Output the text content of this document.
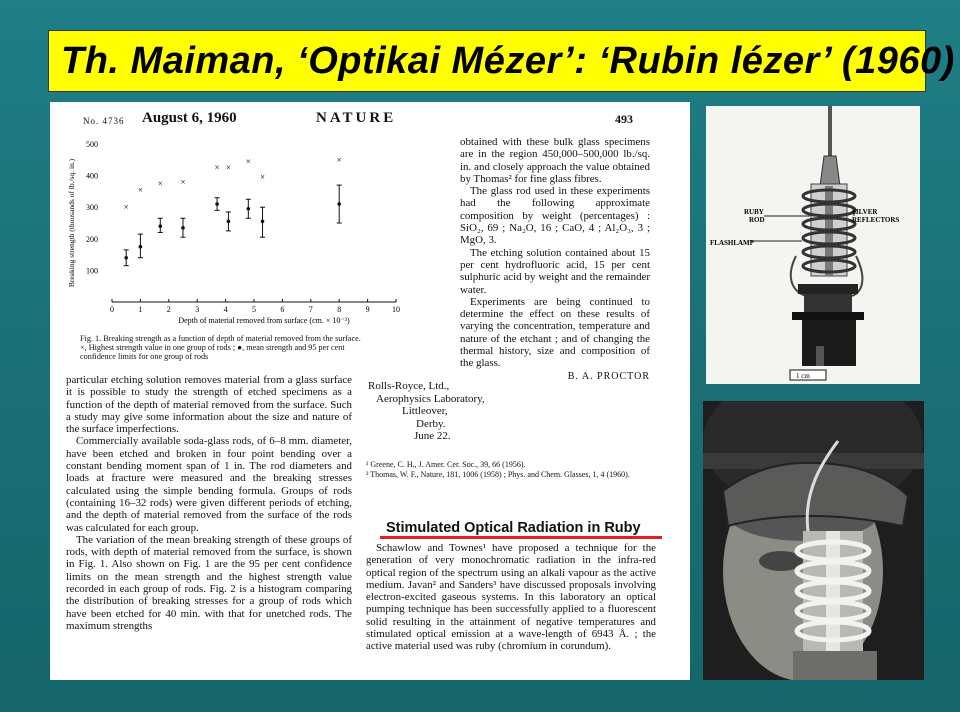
Th. Maiman, ‘Optikai Mézer’: ‘Rubin lézer’ (1960)
No. 4736 August 6, 1960	NATURE	493
0	1	2	3	4	5	6	7	8	9	10
100
200
300
400
500
Depth of material removed from surface (cm. × 10⁻³)
Breaking strength (thousands of lb./sq. in.)	×
×
× ×
× ×
×
×
×
Fig. 1. Breaking strength as a function of depth of material removed from the surface.
×, Highest strength value in one group of rods ; ●, mean strength and 95 per cent confidence limits for one group of rods

particular etching solution removes material from a glass surface it is possible to study the strength of etched specimens as a function of the depth of material removed from the surface. Such a study may give some information about the size and nature of the surface imperfections.

Commercially available soda-glass rods, of 6–8 mm. diameter, have been etched and broken in four point bending over a constant bending moment span of 1 in. The rod diameters and loads at fracture were measured and the breaking stresses calculated using the simple bending formula. Groups of rods (containing 16–32 rods) were given different periods of etching, and the depth of material removed from the surface of the rods was calculated for each group.

The variation of the mean breaking strength of these groups of rods, with depth of material removed from the surface, is shown in Fig. 1. Also shown on Fig. 1 are the 95 per cent confidence limits on the mean strength and the highest strength value recorded in each group of rods. Fig. 2 is a histogram comparing the distribution of breaking stresses for a group of rods which have been etched for 40 min. with that for unetched rods. The maximum strengths

obtained with these bulk glass specimens are in the region 450,000–500,000 lb./sq. in. and closely approach the value obtained by Thomas² for fine glass fibres.

The glass rod used in these experiments had the following approximate composition by weight (percentages) : SiO₂, 69 ; Na₂O, 16 ; CaO, 4 ; Al₂O₃, 3 ; MgO, 3.

The etching solution contained about 15 per cent hydrofluoric acid, 15 per cent sulphuric acid by weight and the remainder water.

Experiments are being continued to determine the effect on these results of varying the concentration, temperature and nature of the etchant ; and of changing the thermal history, size and composition of the glass.

B. A. PROCTOR
Rolls-Royce, Ltd.,
Aerophysics Laboratory,
Littleover,
Derby.
June 22.
¹ Greene, C. H., J. Amer. Cer. Soc., 39, 66 (1956).
² Thomas, W. F., Nature, 181, 1006 (1958) ; Phys. and Chem. Glasses, 1, 4 (1960).
Stimulated Optical Radiation in Ruby

Schawlow and Townes¹ have proposed a technique for the generation of very monochromatic radiation in the infra-red optical region of the spectrum using an alkali vapour as the active medium. Javan² and Sanders³ have discussed proposals involving electron-excited gaseous systems. In this laboratory an optical pumping technique has been successfully applied to a fluorescent solid resulting in the attainment of negative temperatures and stimulated optical emission at a wave-length of 6943 Å. ; the active material used was ruby (chromium in corundum).

RUBY
ROD
SILVER
REFLECTORS
FLASHLAMP
1 cm
